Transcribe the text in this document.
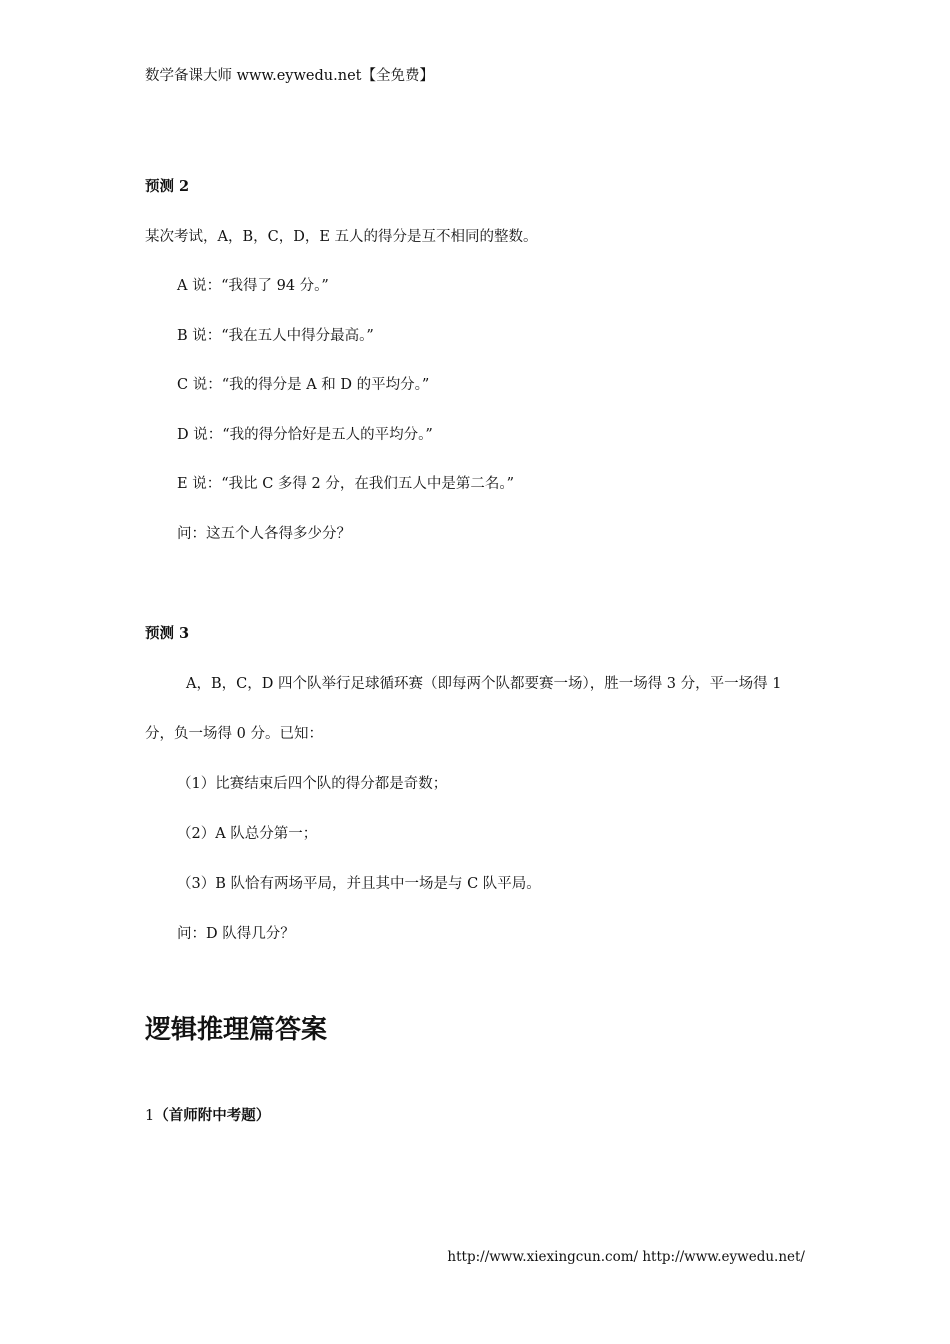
数学备课大师 www.eywedu.net【全免费】
预测 2
某次考试，A，B，C，D，E 五人的得分是互不相同的整数。
A 说：“我得了 94 分。”
B 说：“我在五人中得分最高。”
C 说：“我的得分是 A 和 D 的平均分。”
D 说：“我的得分恰好是五人的平均分。”
E 说：“我比 C 多得 2 分，在我们五人中是第二名。”
问：这五个人各得多少分？
预测 3
A，B，C，D 四个队举行足球循环赛（即每两个队都要赛一场），胜一场得 3 分，平一场得 1
分，负一场得 0 分。已知：
（1）比赛结束后四个队的得分都是奇数；
（2）A 队总分第一；
（3）B 队恰有两场平局，并且其中一场是与 C 队平局。
问：D 队得几分？
逻辑推理篇答案
1（首师附中考题）
http://www.xiexingcun.com/ http://www.eywedu.net/
